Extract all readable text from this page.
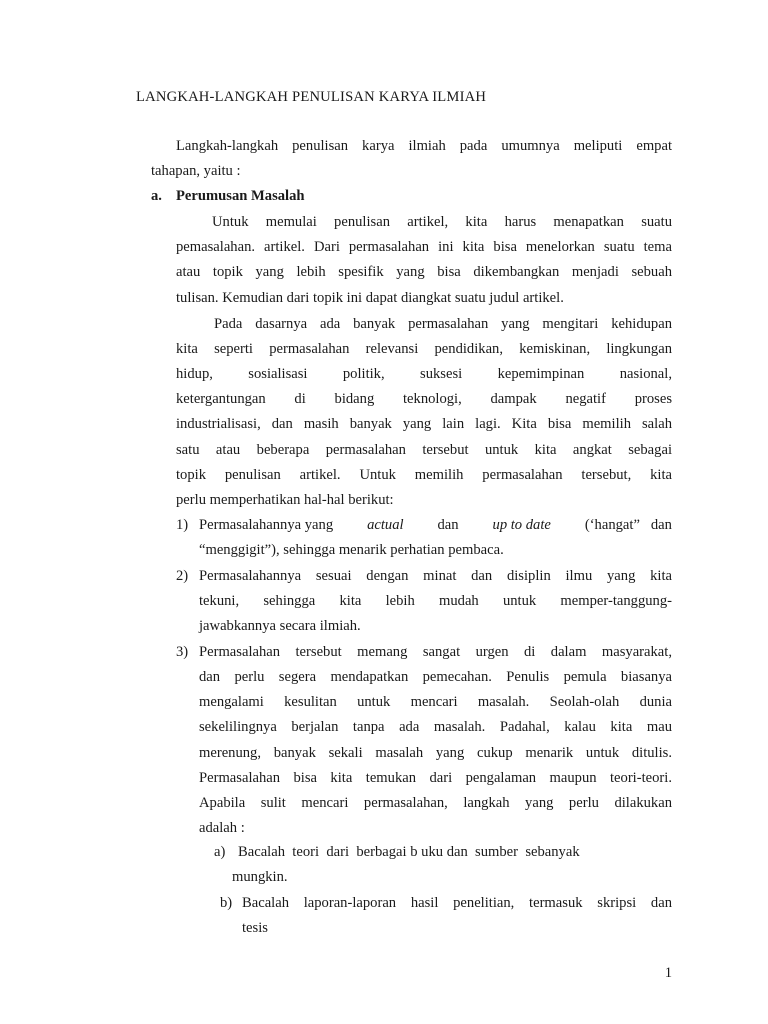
LANGKAH-LANGKAH PENULISAN KARYA ILMIAH
Langkah-langkah penulisan karya ilmiah pada umumnya meliputi empat
tahapan, yaitu :
a. Perumusan Masalah
Untuk memulai penulisan artikel, kita harus menapatkan suatu
pemasalahan. artikel. Dari permasalahan ini kita bisa menelorkan suatu tema
atau topik yang lebih spesifik yang bisa dikembangkan menjadi sebuah
tulisan. Kemudian dari topik ini dapat diangkat suatu judul artikel.
Pada dasarnya ada banyak permasalahan yang mengitari kehidupan
kita seperti permasalahan relevansi pendidikan, kemiskinan, lingkungan
hidup, sosialisasi politik, suksesi kepemimpinan nasional,
ketergantungan di bidang teknologi, dampak negatif proses
industrialisasi, dan masih banyak yang lain lagi. Kita bisa memilih salah
satu atau beberapa permasalahan tersebut untuk kita angkat sebagai
topik penulisan artikel. Untuk memilih permasalahan tersebut, kita
perlu memperhatikan hal-hal berikut:
1) Permasalahannya yang actual dan up to date (‘hangat”   dan
“menggigit”), sehingga menarik perhatian pembaca.
2) Permasalahannya sesuai dengan minat dan disiplin ilmu yang kita
tekuni, sehingga kita lebih mudah untuk memper-tanggung-
jawabkannya secara ilmiah.
3) Permasalahan tersebut memang sangat urgen di dalam masyarakat,
dan perlu segera mendapatkan pemecahan. Penulis pemula biasanya
mengalami kesulitan untuk mencari masalah. Seolah-olah dunia
sekelilingnya berjalan tanpa ada masalah. Padahal, kalau kita mau
merenung, banyak sekali masalah yang cukup menarik untuk ditulis.
Permasalahan bisa kita temukan dari pengalaman maupun teori-teori.
Apabila sulit mencari permasalahan, langkah yang perlu dilakukan
adalah :
a) Bacalah  teori  dari  berbagai b uku dan  sumber  sebanyak
mungkin.
b) Bacalah laporan-laporan hasil penelitian, termasuk skripsi dan
tesis
1
